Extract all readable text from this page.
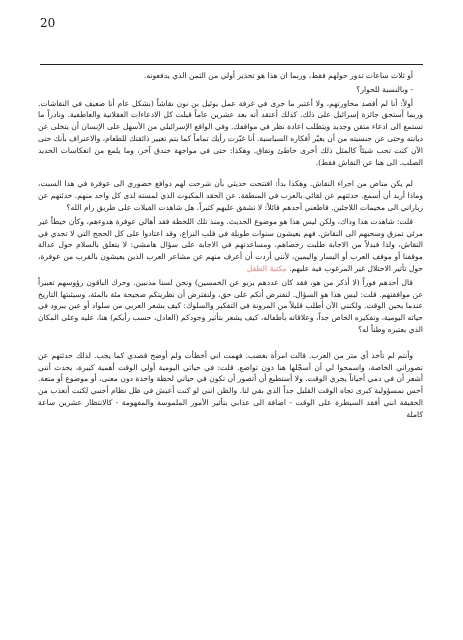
20

أو ثلاث ساعات تدور حولهم فقط، وربما ان هذا هو تحذير أولي من الثمن الذي يدفعونه.

- وبالنسبة للحوار؟

أولاً: أنا لم أقصد محاورتهم، ولا أعتبر ما جرى في غرفة عمل يوئيل بن نون نقاشاً (بشكل عام أنا ضعيف في النقاشات. وربما أستحق جائزة إسرائيل على ذلك. كذلك أعتقد أنه بعد عشرين عاماً قيلت كل الادعاءات العقلانية والعاطفية. ونادراً ما تستمع الى ادعاء متقن وجديد ويتطلب اعادة نظر في مواقفك. وفي الواقع الإسرائيلي من الأسهل على الإنسان أن يتخلى عن ديانته وحتى عن جنسيته من أن يغيّر أفكاره السياسية. أنا غيّرت رأيك تماماً كما يتم تغيير ذائقتك للطعام، والاعتراف بأنك حتى الآن كنت تحب شيئاً كالمثل ذلك أخرى خاطئ ونفاق. وهكذا: حتى في مواجهة خندق آخر، وما يلمع من انعكاسات الحديد الصلب. الى هنا عن النقاش فقط).

لم يكن مناص من اجراء النقاش. وهكذا بدأ: افتتحت حديثي بأن شرحت لهم دوافع حضوري الى عوفرة في هذا السبت، وماذا أريد أن أسمع. حدثتهم عن لقائي بالعرب في المنطقة. عن الحقد المكبوت الذي لمسته لدى كل واحد منهم. حدثتهم عن زياراتي الى مخيمات اللاجئين. قاطعني أحدهم قائلاً: لا تشفق عليهم كثيراً. هل شاهدت الفيلات على طريق رام الله؟

قلت: شاهدت هذا وذاك، ولكن ليس هذا هو موضوع الحديث. ومنذ تلك اللحظة فقد أهالي عوفرة هدوءهم، وكأن خيطاً غير مرئي تمزق وسحبهم الى النقاش. فهم يعيشون سنوات طويلة في قلب النزاع، وقد اعتادوا على كل الحجج التي لا تجدي في النقاش، ولذا فبدلاً من الاجابة طلبت رخصاهم، ومساعدتهم في الاجابة على سؤال هامشي: لا يتعلق بالسلام حول عدالة موقفنا أو موقف العرب أو اليسار واليمين، لأنني أردت أن أعرف منهم عن مشاعر العرب الذين يعيشون بالقرب من عوفرة، حول تأثير الاحتلال غير المرغوب فيه عليهم. مكتبة الطفل

قال أحدهم فوراً (لا أذكر من هو، فقد كان عددهم يربو عن الخمسين) ونحن لسنا مذنبين. وحرك الباقون رؤوسهم تعبيراً عن موافقتهم. قلت: ليس هذا هو السؤال. لنفترض أنكم على حق، ولنفترض أن نظريتكم صحيحة مئة بالمئة، وسيثبتها التاريخ عندما يحين الوقت. ولكنني الآن أطلب قليلاً من المرونة في التفكير والسلوك: كيف يشعر العربي من سلواد أو عين يبرود في حياته اليومية، وتفكيره الخاص جداً، وعلاقاته بأطفاله، كيف يشعر بتأثير وجودكم (العادل، حسب رأيكم) هنا، عليه وعلى المكان الذي يعتبره وطناً له؟

وأنتم لم تأخذ أي متر من العرب. قالت امرأة بغضب. فهمت اني أخطأت ولم أوضح قصدي كما يجب. لذلك حدثتهم عن تصوراتي الخاصة، واسمحوا لي أن أسجّلها هنا دون تواضع. قلت: في حياتي اليومية أولي الوقت أهمية كبيرة، يحدث أنني أشعر أن في دمي أحياناً يجري الوقت. ولا أستطيع أن أتصور أن تكون في حياتي لحظة واحدة دون معنى، أو موضوع أو متعة. أحس بمسؤولية كبرى تجاه الوقت القليل جداً الذي بقي لنا. والظن انني لو كنت أعيش في ظل نظام أجنبي لكنت أتعذب من الحقيقة انني أفقد السيطرة على الوقت - اضافة الى عذابي بتأثير الأمور الملموسة والمفهومة - كالانتظار عشرين ساعة كاملة
